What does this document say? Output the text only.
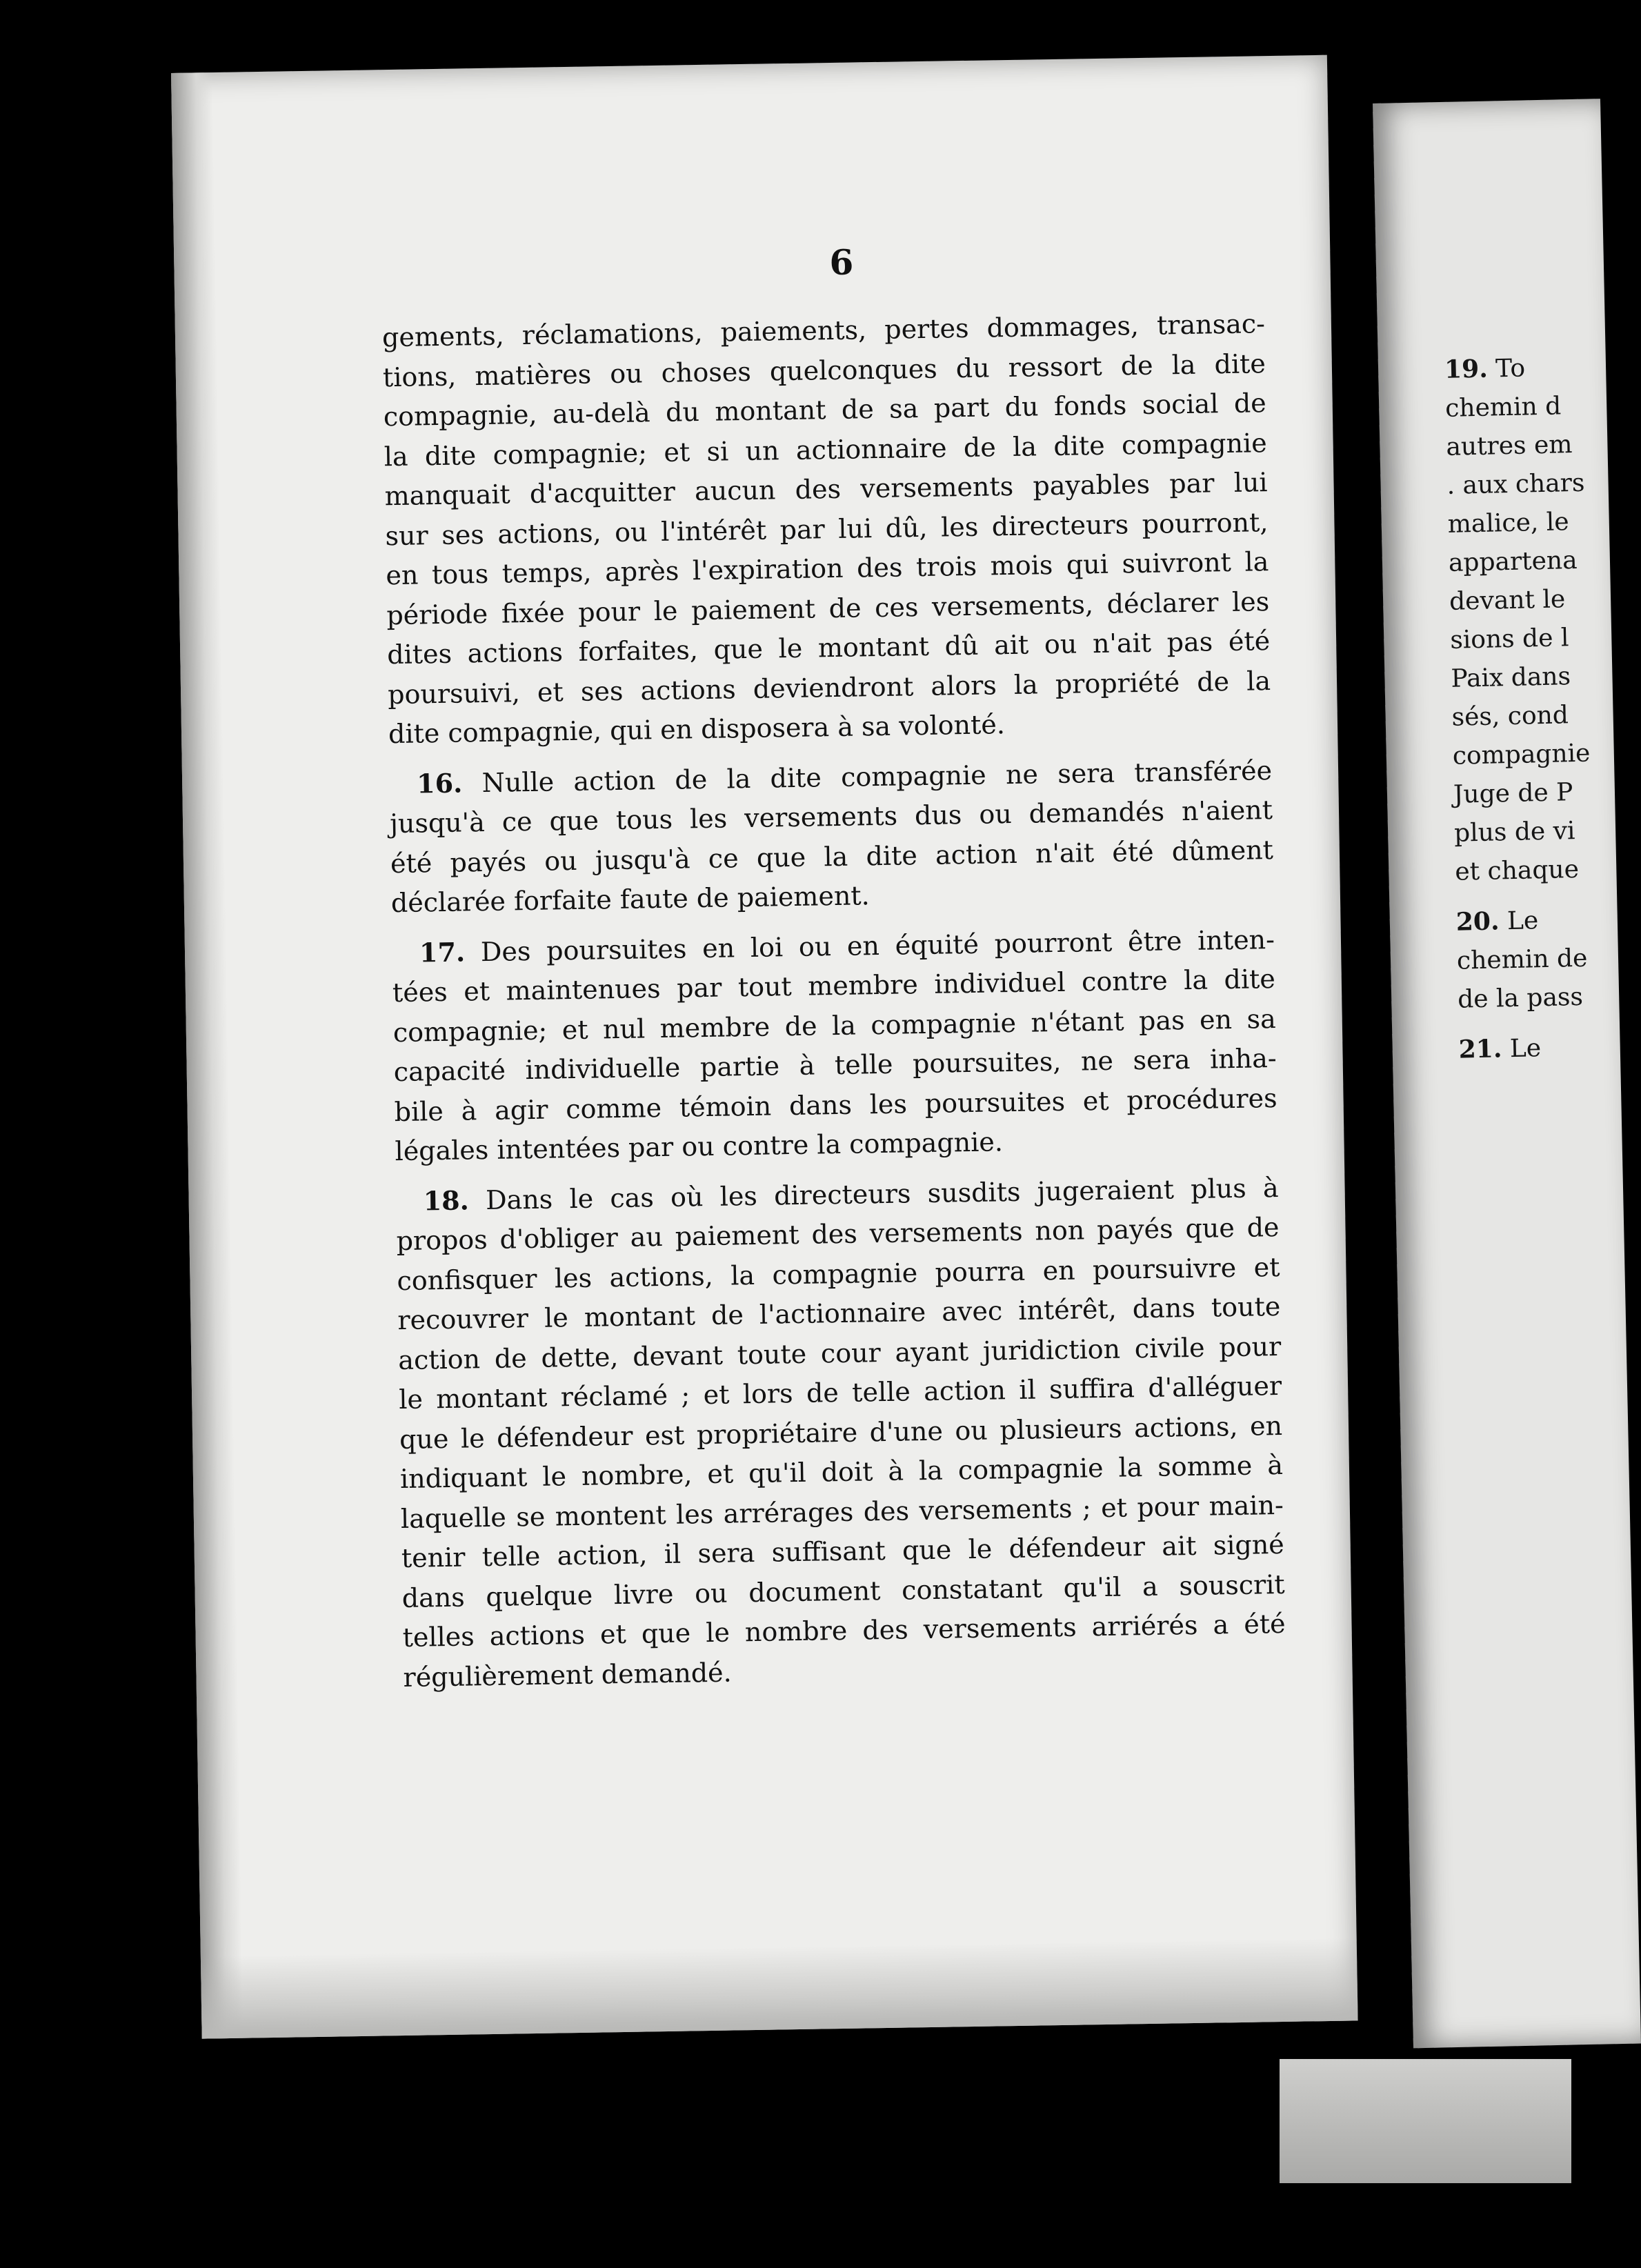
6
gements, réclamations, paiements, pertes dommages, transac-
tions, matières ou choses quelconques du ressort de la dite
compagnie, au-delà du montant de sa part du fonds social de
la dite compagnie; et si un actionnaire de la dite compagnie
manquait d'acquitter aucun des versements payables par lui
sur ses actions, ou l'intérêt par lui dû, les directeurs pourront,
en tous temps, après l'expiration des trois mois qui suivront la
période fixée pour le paiement de ces versements, déclarer les
dites actions forfaites, que le montant dû ait ou n'ait pas été
poursuivi, et ses actions deviendront alors la propriété de la
dite compagnie, qui en disposera à sa volonté.
16. Nulle action de la dite compagnie ne sera transférée
jusqu'à ce que tous les versements dus ou demandés n'aient
été payés ou jusqu'à ce que la dite action n'ait été dûment
déclarée forfaite faute de paiement.
17. Des poursuites en loi ou en équité pourront être inten-
tées et maintenues par tout membre individuel contre la dite
compagnie; et nul membre de la compagnie n'étant pas en sa
capacité individuelle partie à telle poursuites, ne sera inha-
bile à agir comme témoin dans les poursuites et procédures
légales intentées par ou contre la compagnie.
18. Dans le cas où les directeurs susdits jugeraient plus à
propos d'obliger au paiement des versements non payés que de
confisquer les actions, la compagnie pourra en poursuivre et
recouvrer le montant de l'actionnaire avec intérêt, dans toute
action de dette, devant toute cour ayant juridiction civile pour
le montant réclamé ; et lors de telle action il suffira d'alléguer
que le défendeur est propriétaire d'une ou plusieurs actions, en
indiquant le nombre, et qu'il doit à la compagnie la somme à
laquelle se montent les arrérages des versements ; et pour main-
tenir telle action, il sera suffisant que le défendeur ait signé
dans quelque livre ou document constatant qu'il a souscrit
telles actions et que le nombre des versements arriérés a été
régulièrement demandé.
19. To
chemin d
autres em
. aux chars
malice, le
appartena
devant le
sions de l
Paix dans
sés, cond
compagnie
Juge de P
plus de vi
et chaque
20. Le
chemin de
de la pass
21. Le
